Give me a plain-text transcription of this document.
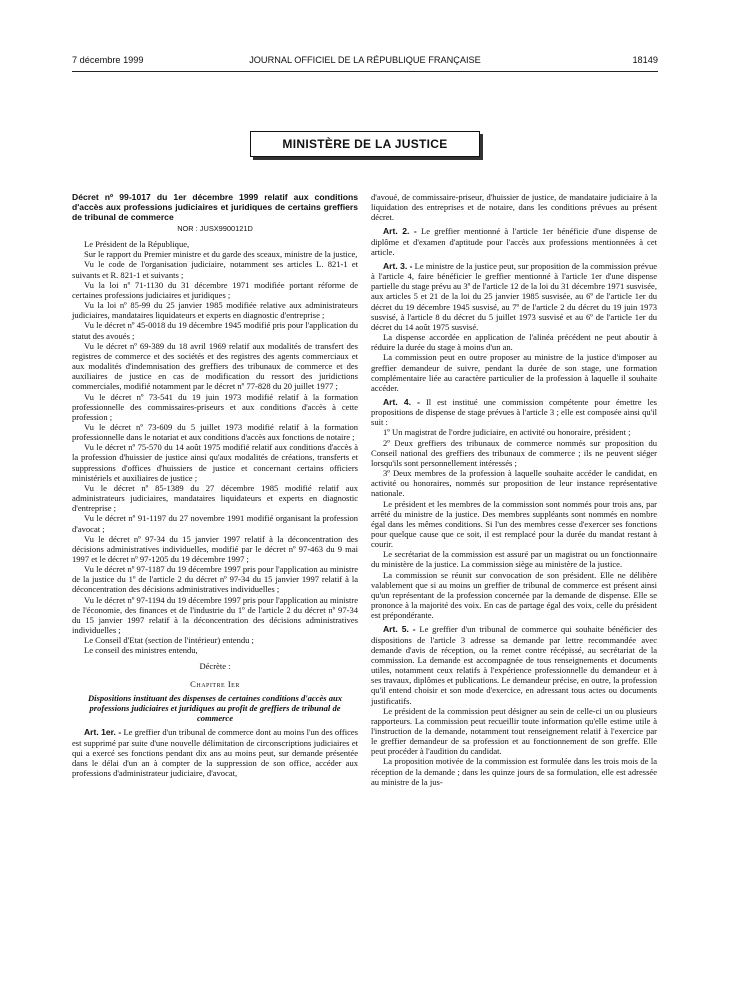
7 décembre 1999	JOURNAL OFFICIEL DE LA RÉPUBLIQUE FRANÇAISE	18149
MINISTÈRE DE LA JUSTICE

Décret nº 99-1017 du 1er décembre 1999 relatif aux conditions d'accès aux professions judiciaires et juridiques de certains greffiers de tribunal de commerce

NOR : JUSX9900121D

Le Président de la République,

Sur le rapport du Premier ministre et du garde des sceaux, ministre de la justice,

Vu le code de l'organisation judiciaire, notamment ses articles L. 821-1 et suivants et R. 821-1 et suivants ;

Vu la loi nº 71-1130 du 31 décembre 1971 modifiée portant réforme de certaines professions judiciaires et juridiques ;

Vu la loi nº 85-99 du 25 janvier 1985 modifiée relative aux administrateurs judiciaires, mandataires liquidateurs et experts en diagnostic d'entreprise ;

Vu le décret nº 45-0018 du 19 décembre 1945 modifié pris pour l'application du statut des avoués ;

Vu le décret nº 69-389 du 18 avril 1969 relatif aux modalités de transfert des registres de commerce et des sociétés et des registres des agents commerciaux et aux modalités d'indemnisation des greffiers des tribunaux de commerce et des auxiliaires de justice en cas de modification du ressort des juridictions commerciales, modifié notamment par le décret nº 77-828 du 20 juillet 1977 ;

Vu le décret nº 73-541 du 19 juin 1973 modifié relatif à la formation professionnelle des commissaires-priseurs et aux conditions d'accès à cette profession ;

Vu le décret nº 73-609 du 5 juillet 1973 modifié relatif à la formation professionnelle dans le notariat et aux conditions d'accès aux fonctions de notaire ;

Vu le décret nº 75-570 du 14 août 1975 modifié relatif aux conditions d'accès à la profession d'huissier de justice ainsi qu'aux modalités de créations, transferts et suppressions d'offices d'huissiers de justice et concernant certains officiers ministériels et auxiliaires de justice ;

Vu le décret nº 85-1389 du 27 décembre 1985 modifié relatif aux administrateurs judiciaires, mandataires liquidateurs et experts en diagnostic d'entreprise ;

Vu le décret nº 91-1197 du 27 novembre 1991 modifié organisant la profession d'avocat ;

Vu le décret nº 97-34 du 15 janvier 1997 relatif à la déconcentration des décisions administratives individuelles, modifié par le décret nº 97-463 du 9 mai 1997 et le décret nº 97-1205 du 19 décembre 1997 ;

Vu le décret nº 97-1187 du 19 décembre 1997 pris pour l'application au ministre de la justice du 1º de l'article 2 du décret nº 97-34 du 15 janvier 1997 relatif à la déconcentration des décisions administratives individuelles ;

Vu le décret nº 97-1194 du 19 décembre 1997 pris pour l'application au ministre de l'économie, des finances et de l'industrie du 1º de l'article 2 du décret nº 97-34 du 15 janvier 1997 relatif à la déconcentration des décisions administratives individuelles ;

Le Conseil d'Etat (section de l'intérieur) entendu ;

Le conseil des ministres entendu,

Décrète :

Chapitre Ier

Dispositions instituant des dispenses de certaines conditions d'accès aux professions judiciaires et juridiques au profit de greffiers de tribunal de commerce

Art. 1er. - Le greffier d'un tribunal de commerce dont au moins l'un des offices est supprimé par suite d'une nouvelle délimitation de circonscriptions judiciaires et qui a exercé ses fonctions pendant dix ans au moins peut, sur demande présentée dans le délai d'un an à compter de la suppression de son office, accéder aux professions d'administrateur judiciaire, d'avocat,

d'avoué, de commissaire-priseur, d'huissier de justice, de mandataire judiciaire à la liquidation des entreprises et de notaire, dans les conditions prévues au présent décret.

Art. 2. - Le greffier mentionné à l'article 1er bénéficie d'une dispense de diplôme et d'examen d'aptitude pour l'accès aux professions mentionnées à cet article.

Art. 3. - Le ministre de la justice peut, sur proposition de la commission prévue à l'article 4, faire bénéficier le greffier mentionné à l'article 1er d'une dispense partielle du stage prévu au 3º de l'article 12 de la loi du 31 décembre 1971 susvisée, aux articles 5 et 21 de la loi du 25 janvier 1985 susvisée, au 6º de l'article 1er du décret du 19 décembre 1945 susvisé, au 7º de l'article 2 du décret du 19 juin 1973 susvisé, à l'article 8 du décret du 5 juillet 1973 susvisé et au 6º de l'article 1er du décret du 14 août 1975 susvisé.

La dispense accordée en application de l'alinéa précédent ne peut aboutir à réduire la durée du stage à moins d'un an.

La commission peut en outre proposer au ministre de la justice d'imposer au greffier demandeur de suivre, pendant la durée de son stage, une formation complémentaire liée au caractère particulier de la profession à laquelle il souhaite accéder.

Art. 4. - Il est institué une commission compétente pour émettre les propositions de dispense de stage prévues à l'article 3 ; elle est composée ainsi qu'il suit :

1º Un magistrat de l'ordre judiciaire, en activité ou honoraire, président ;

2º Deux greffiers des tribunaux de commerce nommés sur proposition du Conseil national des greffiers des tribunaux de commerce ; ils ne peuvent siéger lorsqu'ils sont personnellement intéressés ;

3º Deux membres de la profession à laquelle souhaite accéder le candidat, en activité ou honoraires, nommés sur proposition de leur instance représentative nationale.

Le président et les membres de la commission sont nommés pour trois ans, par arrêté du ministre de la justice. Des membres suppléants sont nommés en nombre égal dans les mêmes conditions. Si l'un des membres cesse d'exercer ses fonctions pour quelque cause que ce soit, il est remplacé pour la durée du mandat restant à courir.

Le secrétariat de la commission est assuré par un magistrat ou un fonctionnaire du ministère de la justice. La commission siège au ministère de la justice.

La commission se réunit sur convocation de son président. Elle ne délibère valablement que si au moins un greffier de tribunal de commerce est présent ainsi qu'un représentant de la profession concernée par la demande de dispense. Elle se prononce à la majorité des voix. En cas de partage égal des voix, celle du président est prépondérante.

Art. 5. - Le greffier d'un tribunal de commerce qui souhaite bénéficier des dispositions de l'article 3 adresse sa demande par lettre recommandée avec demande d'avis de réception, ou la remet contre récépissé, au secrétariat de la commission. La demande est accompagnée de tous renseignements et documents utiles, notamment ceux relatifs à l'expérience professionnelle du demandeur et à ses travaux, diplômes et publications. Le demandeur précise, en outre, la profession qu'il entend choisir et son mode d'exercice, en adressant tous actes ou documents justificatifs.

Le président de la commission peut désigner au sein de celle-ci un ou plusieurs rapporteurs. La commission peut recueillir toute information qu'elle estime utile à l'instruction de la demande, notamment tout renseignement relatif à l'exercice par le greffier demandeur de sa profession et au fonctionnement de son greffe. Elle peut procéder à l'audition du candidat.

La proposition motivée de la commission est formulée dans les trois mois de la réception de la demande ; dans les quinze jours de sa formulation, elle est adressée au ministre de la jus-
